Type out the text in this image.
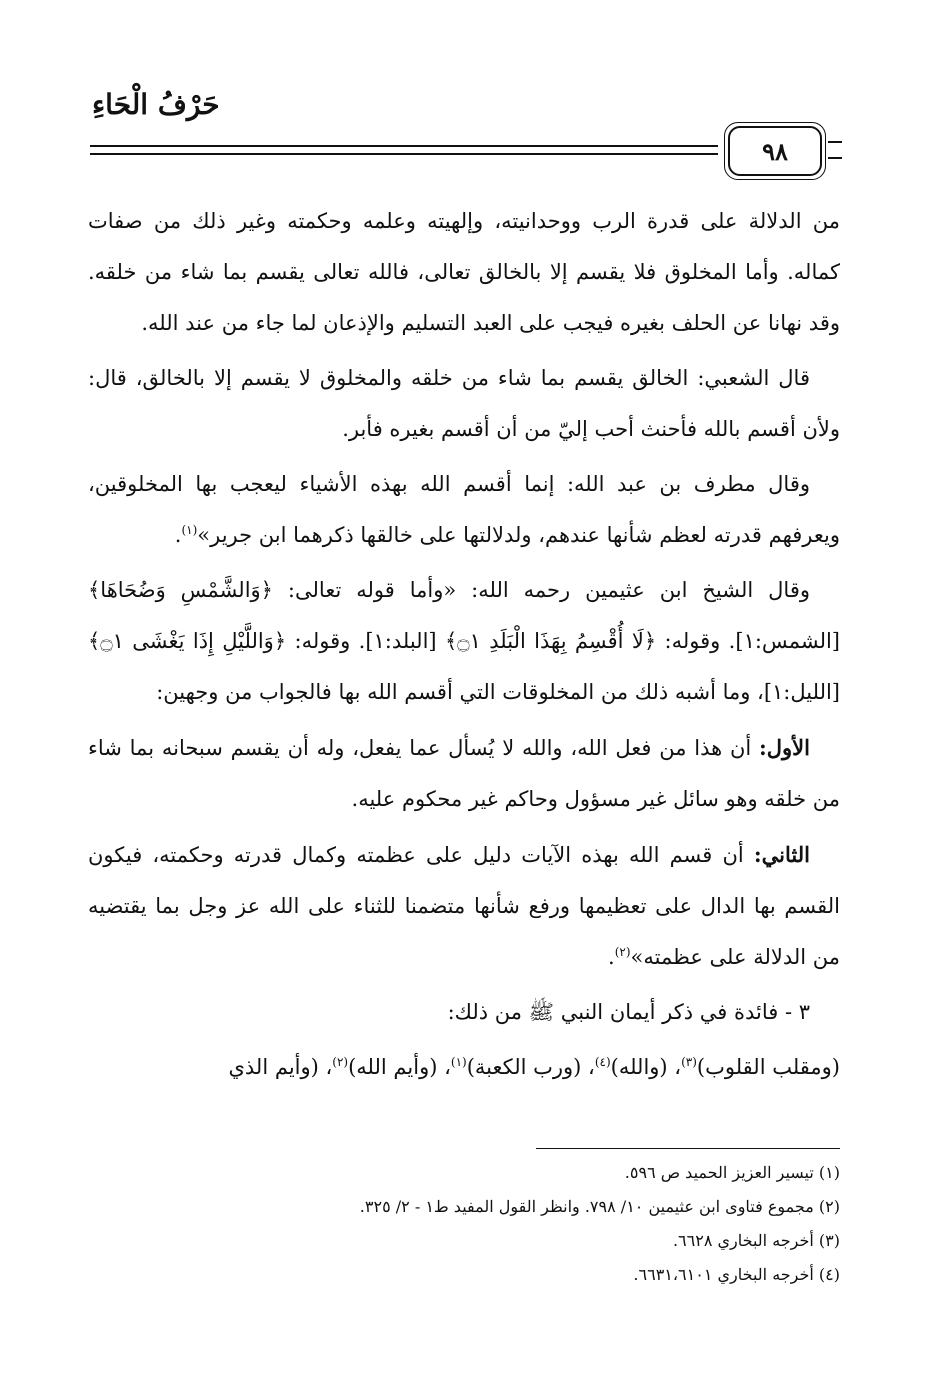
حَرْفُ الْحَاءِ
٩٨

من الدلالة على قدرة الرب ووحدانيته، وإلهيته وعلمه وحكمته وغير ذلك من صفات كماله. وأما المخلوق فلا يقسم إلا بالخالق تعالى، فالله تعالى يقسم بما شاء من خلقه. وقد نهانا عن الحلف بغيره فيجب على العبد التسليم والإذعان لما جاء من عند الله.

قال الشعبي: الخالق يقسم بما شاء من خلقه والمخلوق لا يقسم إلا بالخالق، قال: ولأن أقسم بالله فأحنث أحب إليّ من أن أقسم بغيره فأبر.

وقال مطرف بن عبد الله: إنما أقسم الله بهذه الأشياء ليعجب بها المخلوقين، ويعرفهم قدرته لعظم شأنها عندهم، ولدلالتها على خالقها ذكرهما ابن جرير»$^{(١)}$.

وقال الشيخ ابن عثيمين رحمه الله: «وأما قوله تعالى: ﴿وَالشَّمْسِ وَضُحَاهَا﴾ [الشمس:١]. وقوله: ﴿لَا أُقْسِمُ بِهَذَا الْبَلَدِ ۝١﴾ [البلد:١]. وقوله: ﴿وَاللَّيْلِ إِذَا يَغْشَى ۝١﴾ [الليل:١]، وما أشبه ذلك من المخلوقات التي أقسم الله بها فالجواب من وجهين:

الأول: أن هذا من فعل الله، والله لا يُسأل عما يفعل، وله أن يقسم سبحانه بما شاء من خلقه وهو سائل غير مسؤول وحاكم غير محكوم عليه.

الثاني: أن قسم الله بهذه الآيات دليل على عظمته وكمال قدرته وحكمته، فيكون القسم بها الدال على تعظيمها ورفع شأنها متضمنا للثناء على الله عز وجل بما يقتضيه من الدلالة على عظمته»$^{(٢)}$.

٣ - فائدة في ذكر أيمان النبي ﷺ من ذلك:

(ومقلب القلوب)$^{(٣)}$، (والله)$^{(٤)}$، (ورب الكعبة)$^{(١)}$، (وأيم الله)$^{(٢)}$، (وأيم الذي

(١) تيسير العزيز الحميد ص ٥٩٦.
(٢) مجموع فتاوى ابن عثيمين ١٠/ ٧٩٨. وانظر القول المفيد ط١ - ٢/ ٣٢٥.
(٣) أخرجه البخاري ٦٦٢٨.
(٤) أخرجه البخاري ٦٦٣١،٦١٠١.
